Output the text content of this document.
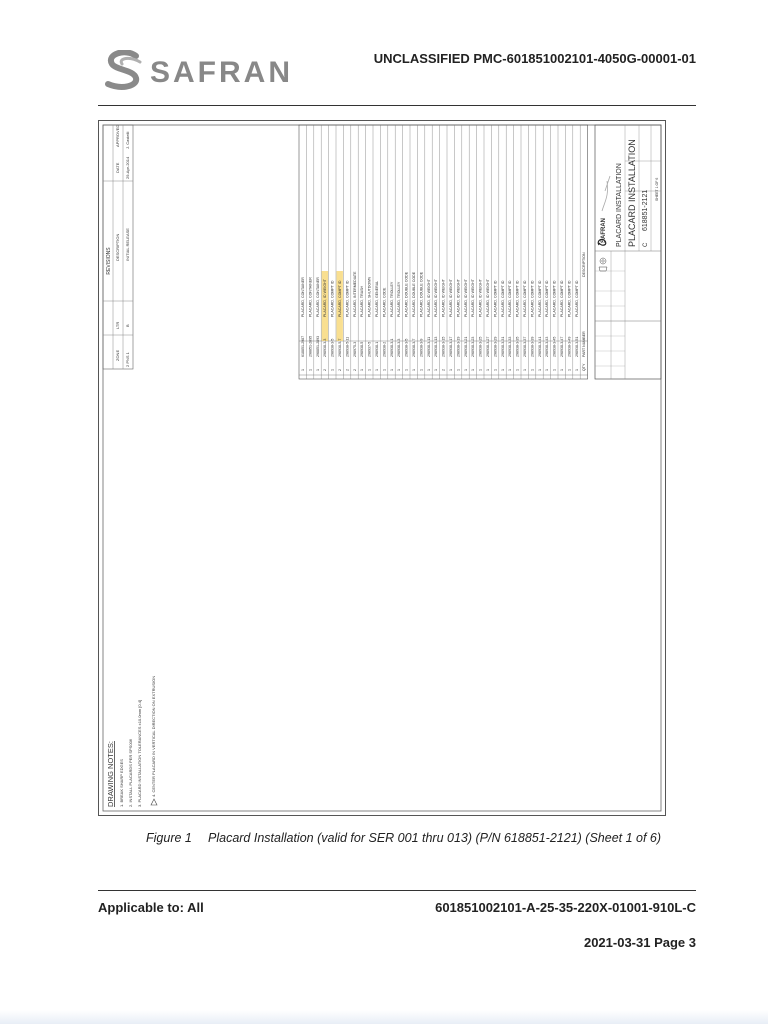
SAFRAN	UNCLASSIFIED PMC-601851002101-4050G-00001-01
REVISIONS
ZONE
LTR
DESCRIPTION
DATE
APPROVED
2 PNS 1
B
INITIAL RELEASE
29-Apr-2014
J. Castelli
DRAWING NOTES: 1. BREAK SHARP EDGES 2. INSTALL PLACARDS PER SPS006 3. PLACARD INSTALLATION TOLERANCES ±10.0mm [0.4] 4. CENTER PLACARD IN VERTICAL DIRECTION ON EXTRUSION
1
618851-2987
PLACARD, CONTAINER
1
298851-2895
PLACARD, CONTAINER
1
298851-2893
PLACARD, CONTAINER
2
298938-3-3
PLACARD, ID WEIGHT
1
298938-3-5
PLACARD, COMPT ID
2
298938-5-7
PLACARD, COMPT ID
2
298938-5-11
PLACARD, COMPT ID
2
298975-3
PLACARD, INTERMEDIATE
1
298938-5
PLACARD, TRASH
1
298937-5
PLACARD, SHUTDOWN
1
298938-1
PLACARD, GENERAL
1
298938-2
PLACARD, CODE
1
298938-3-1
PLACARD, TROLLEY
1
298938-3-3
PLACARD, TROLLEY
1
298938-3-5
PLACARD, DOUBLE CODE
1
298938-3-7
PLACARD, DOUBLE CODE
1
298938-3-9
PLACARD, DOUBLE CODE
1
298938-3-11
PLACARD, ID WEIGHT
1
298938-3-13
PLACARD, ID WEIGHT
2
298938-3-15
PLACARD, ID WEIGHT
1
298938-3-17
PLACARD, ID WEIGHT
1
298938-3-19
PLACARD, ID WEIGHT
1
298938-3-21
PLACARD, ID WEIGHT
1
298938-3-23
PLACARD, ID WEIGHT
1
298938-3-25
PLACARD, ID WEIGHT
1
298938-3-27
PLACARD, ID WEIGHT
1
298938-3-29
PLACARD, COMPT ID
1
298938-3-31
PLACARD, COMPT ID
1
298938-3-33
PLACARD, COMPT ID
1
298938-3-35
PLACARD, COMPT ID
1
298938-3-37
PLACARD, COMPT ID
1
298938-3-39
PLACARD, COMPT ID
1
298938-3-41
PLACARD, COMPT ID
1
298938-3-43
PLACARD, COMPT ID
1
298938-3-45
PLACARD, COMPT ID
1
298938-3-47
PLACARD, COMPT ID
1
298938-3-49
PLACARD, COMPT ID
1
298938-3-51
PLACARD, COMPT ID
QTY
PART NUMBER
DESCRIPTION
SAFRAN PLACARD INSTALLATION PLACARD INSTALLATION C
618851-2121
SHEET 1 OF 6
Figure 1 Placard Installation (valid for SER 001 thru 013) (P/N 618851-2121) (Sheet 1 of 6)
Applicable to: All	601851002101-A-25-35-220X-01001-910L-C
2021-03-31 Page 3
